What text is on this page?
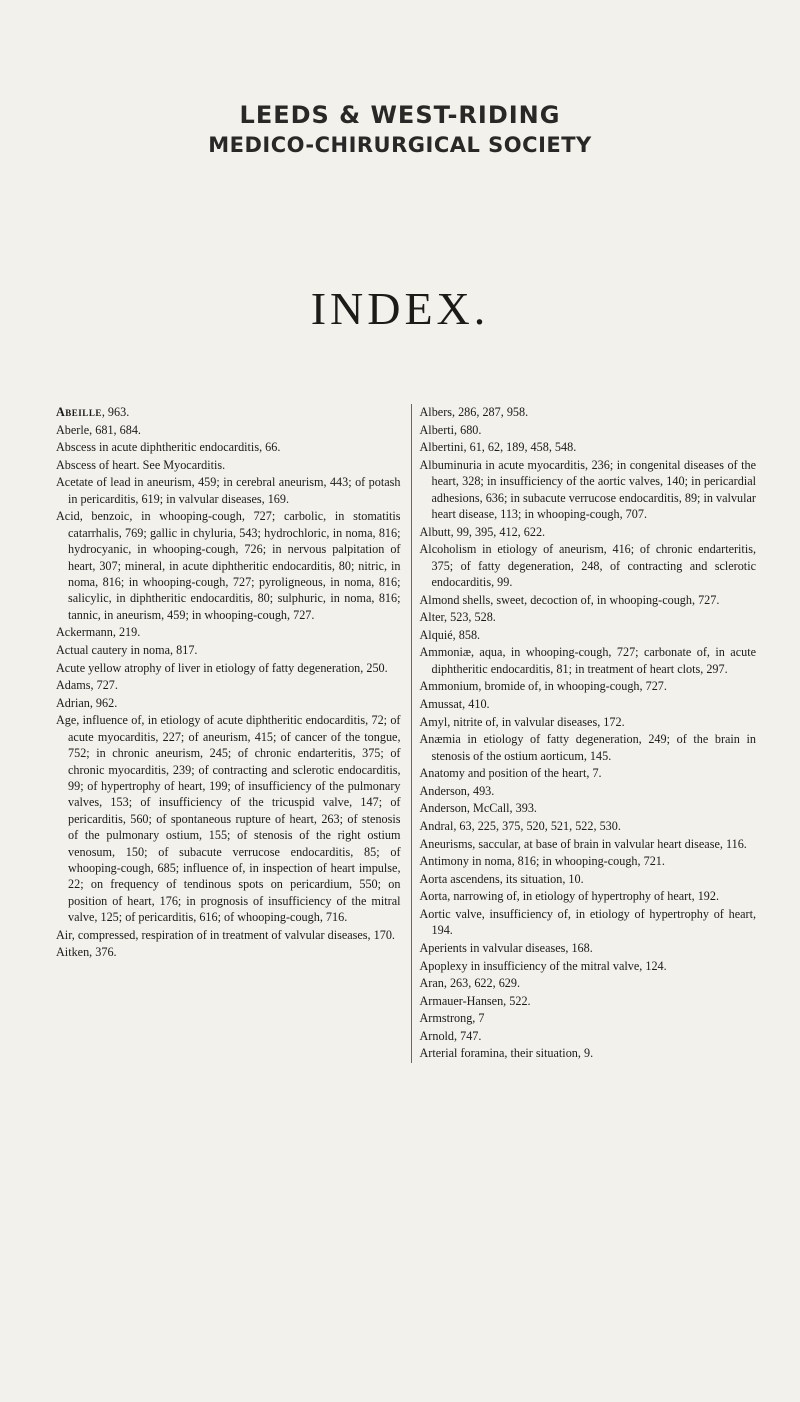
LEEDS & WEST-RIDING
MEDICO-CHIRURGICAL SOCIETY
INDEX.

Abeille, 963.

Aberle, 681, 684.

Abscess in acute diphtheritic endocarditis, 66.

Abscess of heart. See Myocarditis.

Acetate of lead in aneurism, 459; in cerebral aneurism, 443; of potash in pericarditis, 619; in valvular diseases, 169.

Acid, benzoic, in whooping-cough, 727; carbolic, in stomatitis catarrhalis, 769; gallic in chyluria, 543; hydrochloric, in noma, 816; hydrocyanic, in whooping-cough, 726; in nervous palpitation of heart, 307; mineral, in acute diphtheritic endocarditis, 80; nitric, in noma, 816; in whooping-cough, 727; pyroligneous, in noma, 816; salicylic, in diphtheritic endocarditis, 80; sulphuric, in noma, 816; tannic, in aneurism, 459; in whooping-cough, 727.

Ackermann, 219.

Actual cautery in noma, 817.

Acute yellow atrophy of liver in etiology of fatty degeneration, 250.

Adams, 727.

Adrian, 962.

Age, influence of, in etiology of acute diphtheritic endocarditis, 72; of acute myocarditis, 227; of aneurism, 415; of cancer of the tongue, 752; in chronic aneurism, 245; of chronic endarteritis, 375; of chronic myocarditis, 239; of contracting and sclerotic endocarditis, 99; of hypertrophy of heart, 199; of insufficiency of the pulmonary valves, 153; of insufficiency of the tricuspid valve, 147; of pericarditis, 560; of spontaneous rupture of heart, 263; of stenosis of the pulmonary ostium, 155; of stenosis of the right ostium venosum, 150; of subacute verrucose endocarditis, 85; of whooping-cough, 685; influence of, in inspection of heart impulse, 22; on frequency of tendinous spots on pericardium, 550; on position of heart, 176; in prognosis of insufficiency of the mitral valve, 125; of pericarditis, 616; of whooping-cough, 716.

Air, compressed, respiration of in treatment of valvular diseases, 170.

Aitken, 376.

Albers, 286, 287, 958.

Alberti, 680.

Albertini, 61, 62, 189, 458, 548.

Albuminuria in acute myocarditis, 236; in congenital diseases of the heart, 328; in insufficiency of the aortic valves, 140; in pericardial adhesions, 636; in subacute verrucose endocarditis, 89; in valvular heart disease, 113; in whooping-cough, 707.

Albutt, 99, 395, 412, 622.

Alcoholism in etiology of aneurism, 416; of chronic endarteritis, 375; of fatty degeneration, 248, of contracting and sclerotic endocarditis, 99.

Almond shells, sweet, decoction of, in whooping-cough, 727.

Alter, 523, 528.

Alquié, 858.

Ammoniæ, aqua, in whooping-cough, 727; carbonate of, in acute diphtheritic endocarditis, 81; in treatment of heart clots, 297.

Ammonium, bromide of, in whooping-cough, 727.

Amussat, 410.

Amyl, nitrite of, in valvular diseases, 172.

Anæmia in etiology of fatty degeneration, 249; of the brain in stenosis of the ostium aorticum, 145.

Anatomy and position of the heart, 7.

Anderson, 493.

Anderson, McCall, 393.

Andral, 63, 225, 375, 520, 521, 522, 530.

Aneurisms, saccular, at base of brain in valvular heart disease, 116.

Antimony in noma, 816; in whooping-cough, 721.

Aorta ascendens, its situation, 10.

Aorta, narrowing of, in etiology of hypertrophy of heart, 192.

Aortic valve, insufficiency of, in etiology of hypertrophy of heart, 194.

Aperients in valvular diseases, 168.

Apoplexy in insufficiency of the mitral valve, 124.

Aran, 263, 622, 629.

Armauer-Hansen, 522.

Armstrong, 7

Arnold, 747.

Arterial foramina, their situation, 9.
